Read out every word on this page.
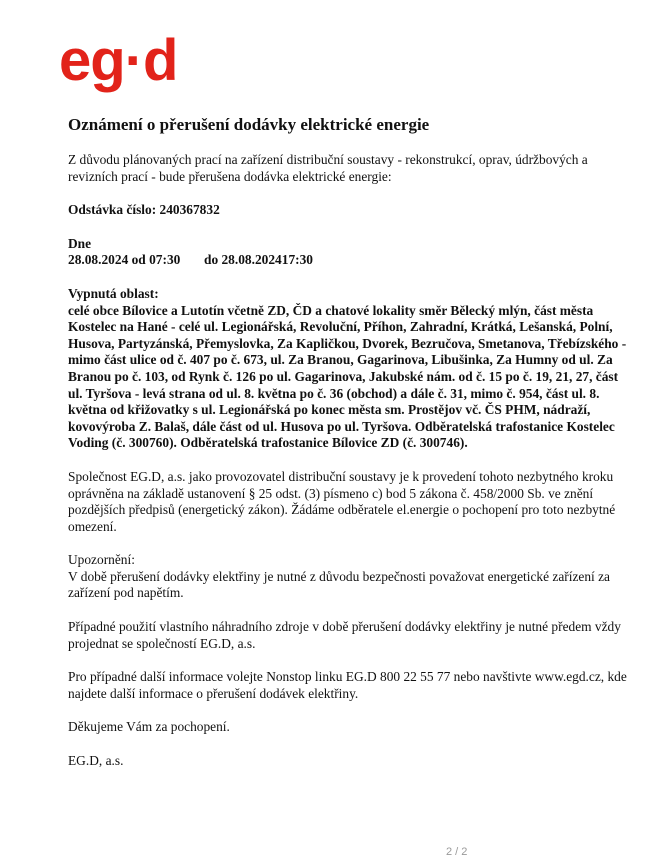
eg·d
Oznámení o přerušení dodávky elektrické energie

Z důvodu plánovaných prací na zařízení distribuční soustavy - rekonstrukcí, oprav, údržbových a revizních prací - bude přerušena dodávka elektrické energie:

Odstávka číslo: 240367832

Dne

28.08.2024 od 07:30 do 28.08.202417:30

Vypnutá oblast:

celé obce Bílovice a Lutotín včetně ZD, ČD a chatové lokality směr Bělecký mlýn, část města Kostelec na Hané - celé ul. Legionářská, Revoluční, Příhon, Zahradní, Krátká, Lešanská, Polní, Husova, Partyzánská, Přemyslovka, Za Kapličkou, Dvorek, Bezručova, Smetanova, Třebízského - mimo část ulice od č. 407 po č. 673, ul. Za Branou, Gagarinova, Libušinka, Za Humny od ul. Za Branou po č. 103, od Rynk č. 126 po ul. Gagarinova, Jakubské nám. od č. 15 po č. 19, 21, 27, část ul. Tyršova - levá strana od ul. 8. května po č. 36 (obchod) a dále č. 31, mimo č. 954, část ul. 8. května od křižovatky s ul. Legionářská po konec města sm. Prostějov vč. ČS PHM, nádraží, kovovýroba Z. Balaš, dále část od ul. Husova po ul. Tyršova. Odběratelská trafostanice Kostelec Voding (č. 300760). Odběratelská trafostanice Bílovice ZD (č. 300746).

Společnost EG.D, a.s. jako provozovatel distribuční soustavy je k provedení tohoto nezbytného kroku oprávněna na základě ustanovení § 25 odst. (3) písmeno c) bod 5 zákona č. 458/2000 Sb. ve znění pozdějších předpisů (energetický zákon). Žádáme odběratele el.energie o pochopení pro toto nezbytné omezení.

Upozornění:

V době přerušení dodávky elektřiny je nutné z důvodu bezpečnosti považovat energetické zařízení za zařízení pod napětím.

Případné použití vlastního náhradního zdroje v době přerušení dodávky elektřiny je nutné předem vždy projednat se společností EG.D, a.s.

Pro případné další informace volejte Nonstop linku EG.D 800 22 55 77 nebo navštivte www.egd.cz, kde najdete další informace o přerušení dodávek elektřiny.

Děkujeme Vám za pochopení.

EG.D, a.s.

2 / 2
